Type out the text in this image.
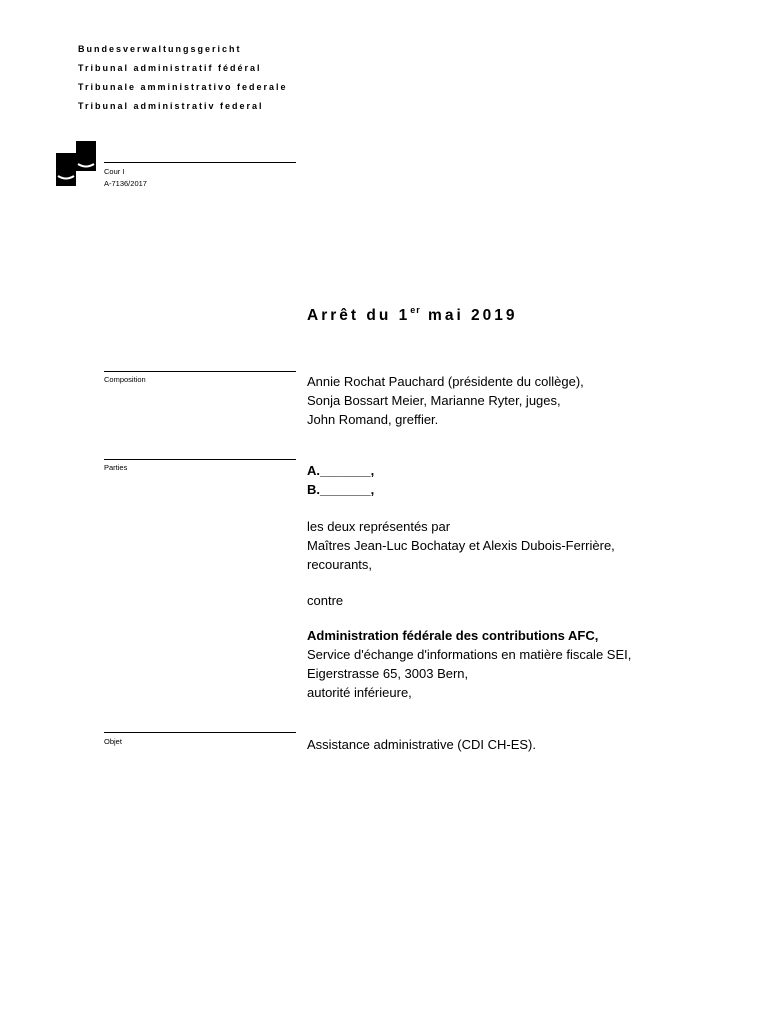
Bundesverwaltungsgericht
Tribunal administratif fédéral
Tribunale amministrativo federale
Tribunal administrativ federal
Cour I
A-7136/2017
Arrêt du 1er mai 2019
Composition	Annie Rochat Pauchard (présidente du collège),
Sonja Bossart Meier, Marianne Ryter, juges,
John Romand, greffier.
Parties	A._______,
B._______,
les deux représentés par
Maîtres Jean-Luc Bochatay et Alexis Dubois-Ferrière,
recourants,
contre
Administration fédérale des contributions AFC,
Service d'échange d'informations en matière fiscale SEI,
Eigerstrasse 65, 3003 Bern,
autorité inférieure,
Objet	Assistance administrative (CDI CH-ES).
